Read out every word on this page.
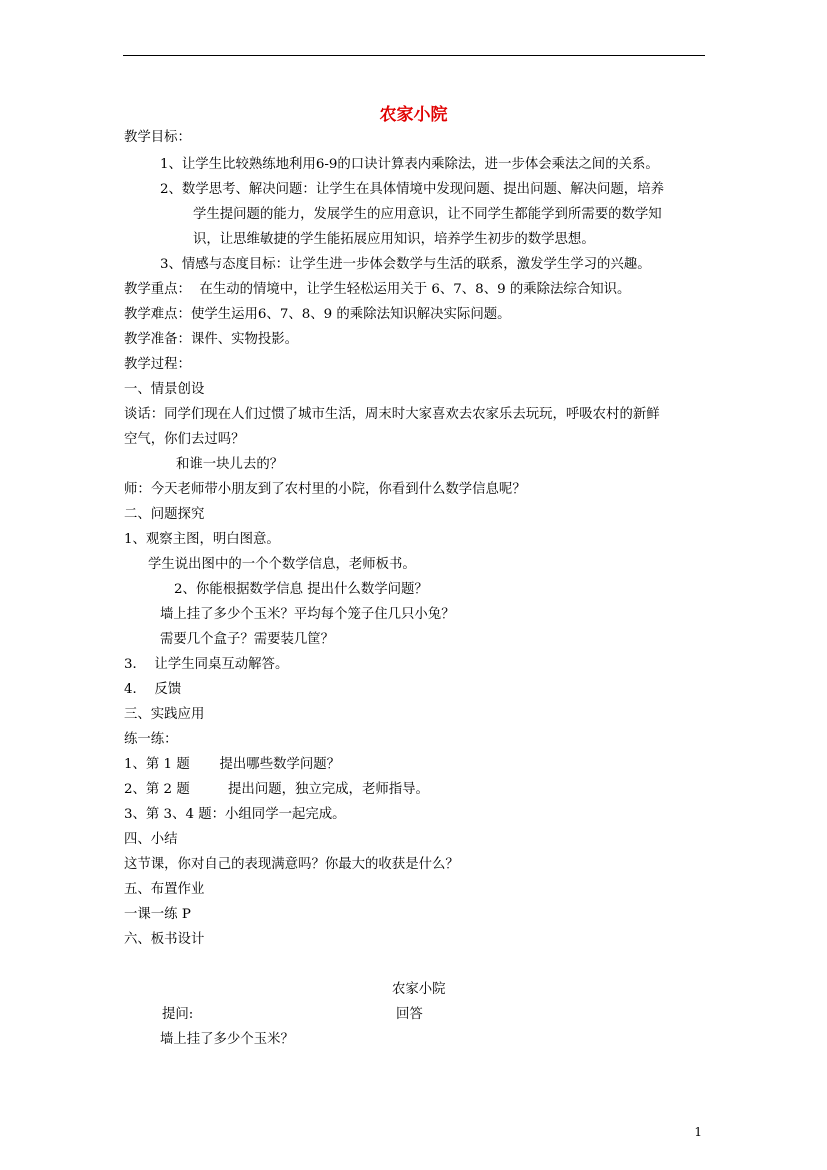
农家小院
教学目标：
1、让学生比较熟练地利用6-9的口诀计算表内乘除法，进一步体会乘法之间的关系。
2、数学思考、解决问题：让学生在具体情境中发现问题、提出问题、解决问题，培养
学生提问题的能力，发展学生的应用意识，让不同学生都能学到所需要的数学知
识，让思维敏捷的学生能拓展应用知识，培养学生初步的数学思想。
3、情感与态度目标：让学生进一步体会数学与生活的联系，激发学生学习的兴趣。
教学重点：  在生动的情境中，让学生轻松运用关于 6、7、8、9 的乘除法综合知识。
教学难点：使学生运用6、7、8、9 的乘除法知识解决实际问题。
教学准备：课件、实物投影。
教学过程：
一、情景创设
谈话：同学们现在人们过惯了城市生活，周末时大家喜欢去农家乐去玩玩，呼吸农村的新鲜
空气，你们去过吗？
和谁一块儿去的？
师：今天老师带小朋友到了农村里的小院，你看到什么数学信息呢？
二、问题探究
1、观察主图，明白图意。
学生说出图中的一个个数学信息，老师板书。
2、你能根据数学信息 提出什么数学问题？
墙上挂了多少个玉米？平均每个笼子住几只小兔？
需要几个盒子？需要装几筐？
3．  让学生同桌互动解答。
4．  反馈
三、实践应用
练一练：
1、第 1 题       提出哪些数学问题？
2、第 2 题         提出问题，独立完成，老师指导。
3、第 3、4 题：小组同学一起完成。
四、小结
这节课，你对自己的表现满意吗？你最大的收获是什么？
五、布置作业
一课一练 P
六、板书设计
农家小院
提问:	回答
墙上挂了多少个玉米？
1
